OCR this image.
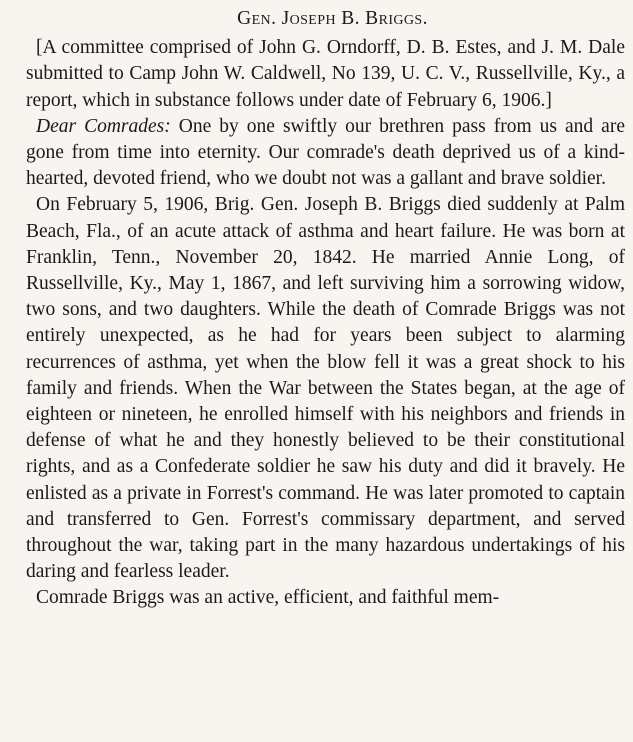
Gen. Joseph B. Briggs.

[A committee comprised of John G. Orndorff, D. B. Estes, and J. M. Dale submitted to Camp John W. Caldwell, No 139, U. C. V., Russellville, Ky., a report, which in substance follows under date of February 6, 1906.]

Dear Comrades: One by one swiftly our brethren pass from us and are gone from time into eternity. Our comrade's death deprived us of a kind-hearted, devoted friend, who we doubt not was a gallant and brave soldier.

On February 5, 1906, Brig. Gen. Joseph B. Briggs died suddenly at Palm Beach, Fla., of an acute attack of asthma and heart failure. He was born at Franklin, Tenn., November 20, 1842. He married Annie Long, of Russellville, Ky., May 1, 1867, and left surviving him a sorrowing widow, two sons, and two daughters. While the death of Comrade Briggs was not entirely unexpected, as he had for years been subject to alarming recurrences of asthma, yet when the blow fell it was a great shock to his family and friends. When the War between the States began, at the age of eighteen or nineteen, he enrolled himself with his neighbors and friends in defense of what he and they honestly believed to be their constitutional rights, and as a Confederate soldier he saw his duty and did it bravely. He enlisted as a private in Forrest's command. He was later promoted to captain and transferred to Gen. Forrest's commissary department, and served throughout the war, taking part in the many hazardous undertakings of his daring and fearless leader.

Comrade Briggs was an active, efficient, and faithful mem-
